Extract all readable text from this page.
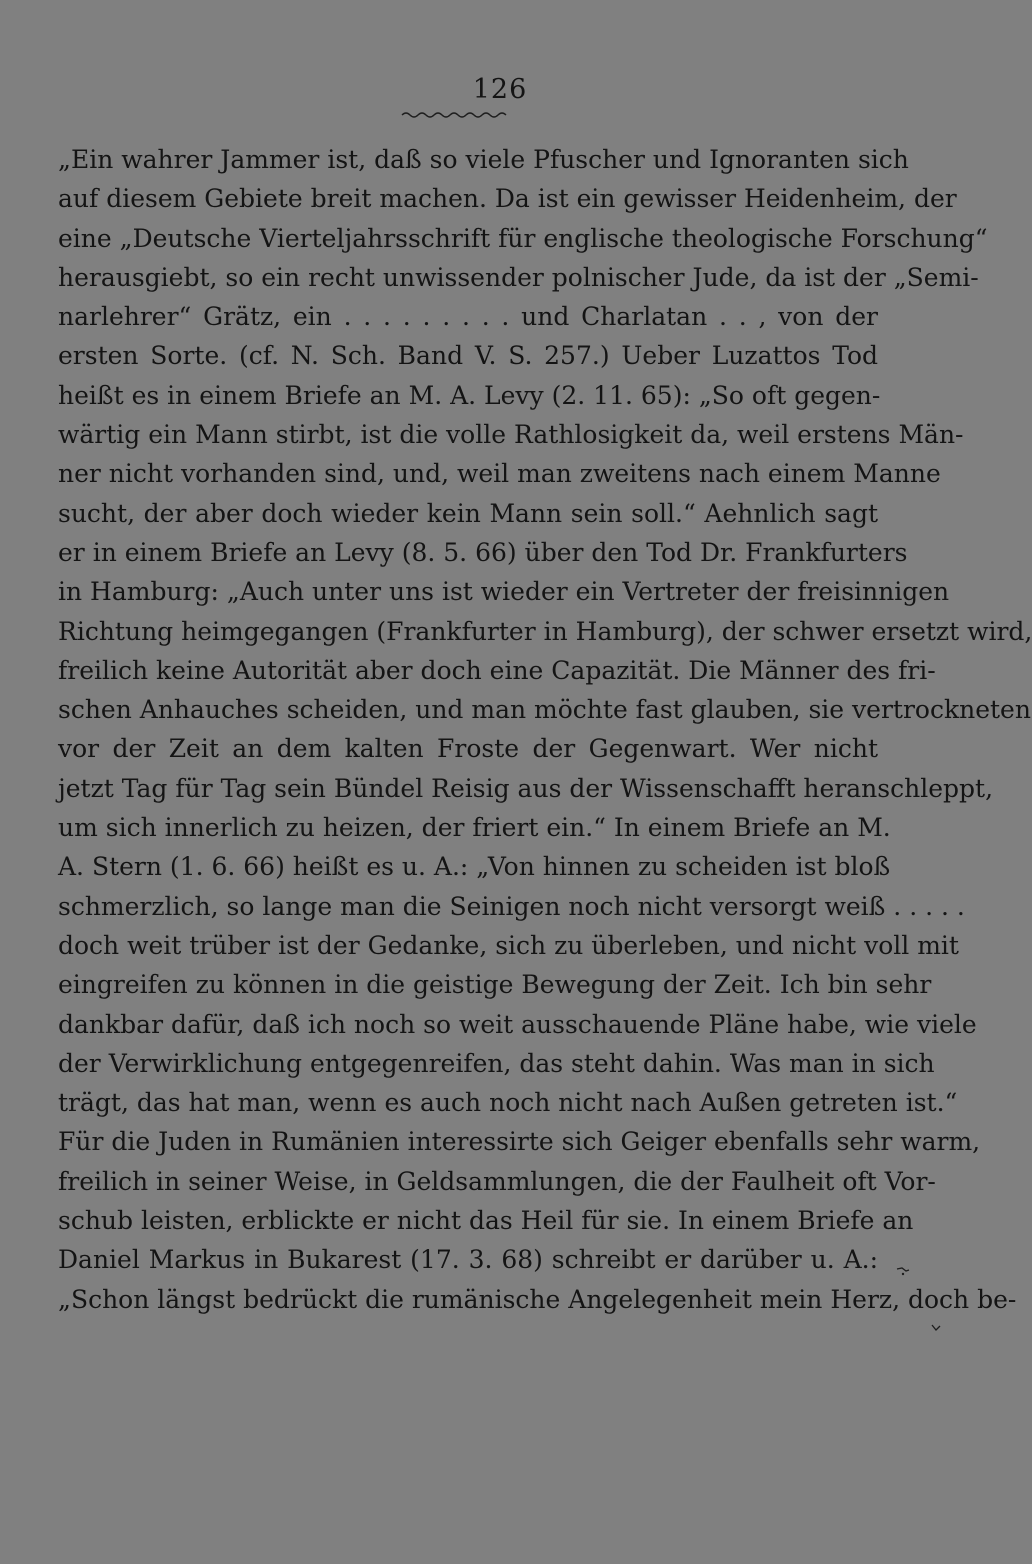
126
„Ein wahrer Jammer ist, daß so viele Pfuscher und Ignoranten sich
auf diesem Gebiete breit machen. Da ist ein gewisser Heidenheim, der
eine „Deutsche Vierteljahrsschrift für englische theologische Forschung“
herausgiebt, so ein recht unwissender polnischer Jude, da ist der „Semi-
narlehrer“ Grätz, ein . . . . . . . . . und Charlatan . . , von der
ersten Sorte. (cf. N. Sch. Band V. S. 257.) Ueber Luzattos Tod
heißt es in einem Briefe an M. A. Levy (2. 11. 65): „So oft gegen-
wärtig ein Mann stirbt, ist die volle Rathlosigkeit da, weil erstens Män-
ner nicht vorhanden sind, und, weil man zweitens nach einem Manne
sucht, der aber doch wieder kein Mann sein soll.“ Aehnlich sagt
er in einem Briefe an Levy (8. 5. 66) über den Tod Dr. Frankfurters
in Hamburg: „Auch unter uns ist wieder ein Vertreter der freisinnigen
Richtung heimgegangen (Frankfurter in Hamburg), der schwer ersetzt wird,
freilich keine Autorität aber doch eine Capazität. Die Männer des fri-
schen Anhauches scheiden, und man möchte fast glauben, sie vertrockneten
vor der Zeit an dem kalten Froste der Gegenwart. Wer nicht
jetzt Tag für Tag sein Bündel Reisig aus der Wissenschafft heranschleppt,
um sich innerlich zu heizen, der friert ein.“ In einem Briefe an M.
A. Stern (1. 6. 66) heißt es u. A.: „Von hinnen zu scheiden ist bloß
schmerzlich, so lange man die Seinigen noch nicht versorgt weiß . . . . .
doch weit trüber ist der Gedanke, sich zu überleben, und nicht voll mit
eingreifen zu können in die geistige Bewegung der Zeit. Ich bin sehr
dankbar dafür, daß ich noch so weit ausschauende Pläne habe, wie viele
der Verwirklichung entgegenreifen, das steht dahin. Was man in sich
trägt, das hat man, wenn es auch noch nicht nach Außen getreten ist.“
Für die Juden in Rumänien interessirte sich Geiger ebenfalls sehr warm,
freilich in seiner Weise, in Geldsammlungen, die der Faulheit oft Vor-
schub leisten, erblickte er nicht das Heil für sie. In einem Briefe an
Daniel Markus in Bukarest (17. 3. 68) schreibt er darüber u. A.:
„Schon längst bedrückt die rumänische Angelegenheit mein Herz, doch be-
